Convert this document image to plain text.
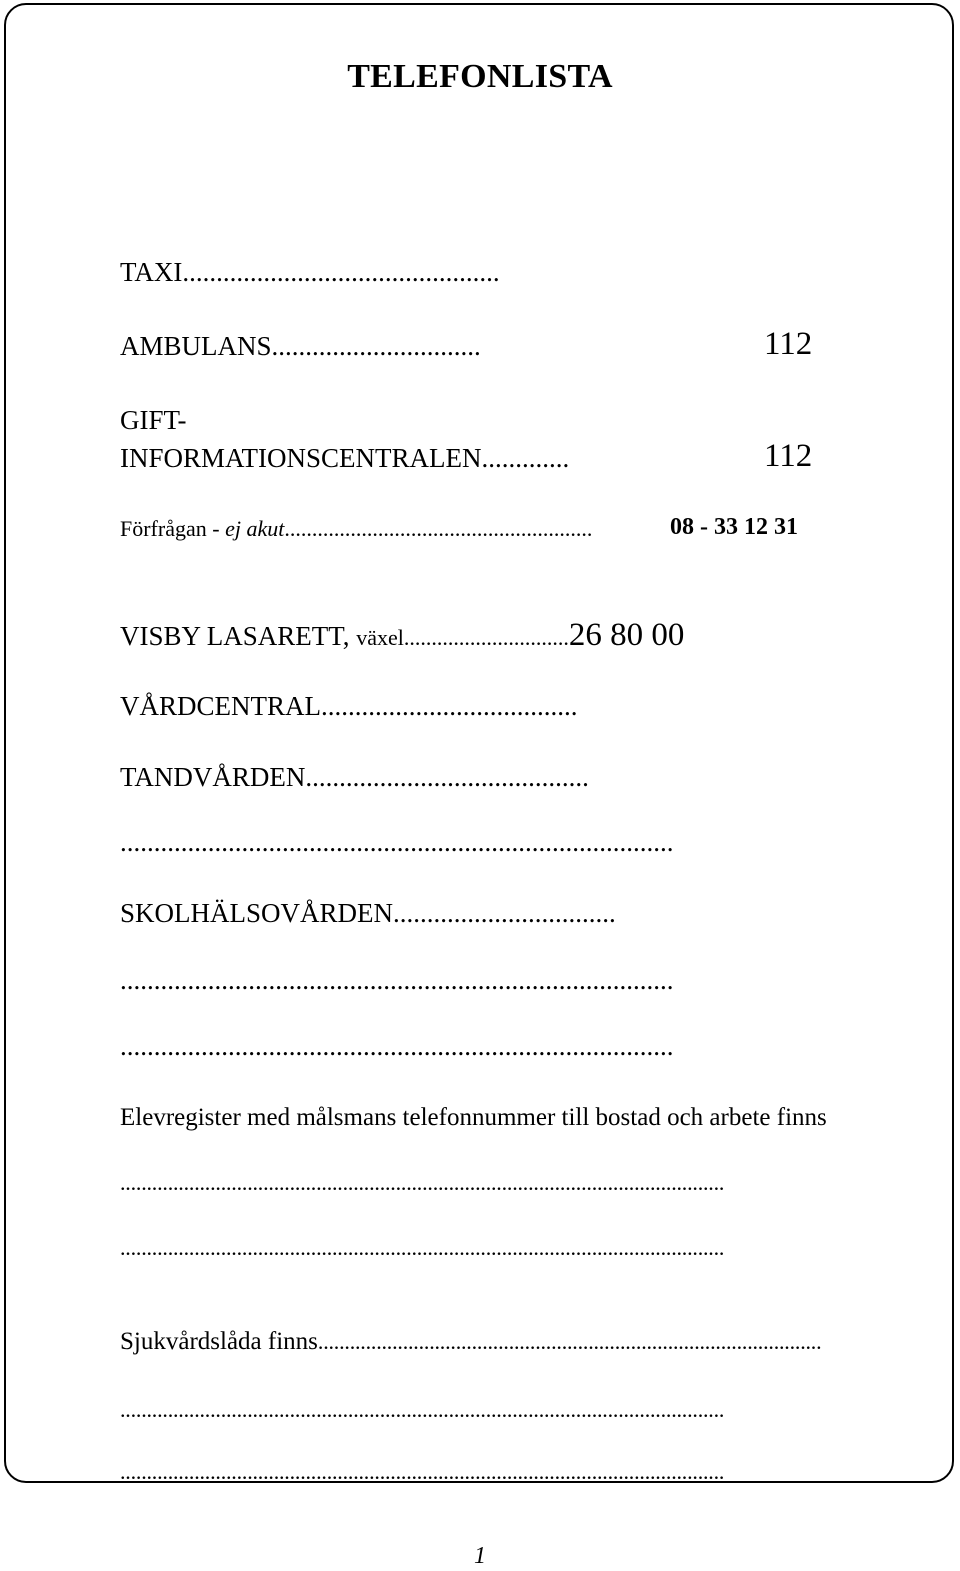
TELEFONLISTA
TAXI...............................................
AMBULANS...............................	112
GIFT-
INFORMATIONSCENTRALEN.............	112
Förfrågan - ej akut........................................................	08 - 33 12 31
VISBY LASARETT, växel..............................26 80 00
VÅRDCENTRAL......................................
TANDVÅRDEN..........................................
..................................................................................
SKOLHÄLSOVÅRDEN.................................
..................................................................................
..................................................................................
Elevregister med målsmans telefonnummer till bostad och arbete finns
..................................................................................................................
..................................................................................................................
Sjukvårdslåda finns...............................................................................................
..................................................................................................................
..................................................................................................................
1
